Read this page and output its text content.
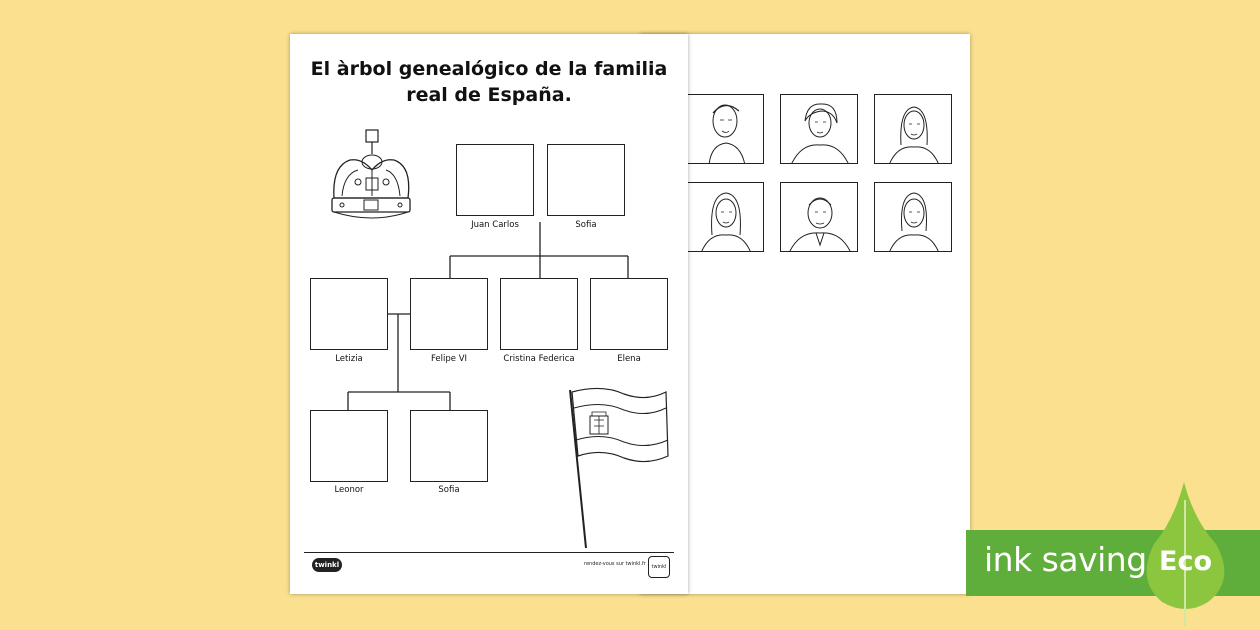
El àrbol genealógico de la familia
real de España.
Juan Carlos	Sofia
Letizia	Felipe VI	Cristina Federica	Elena
Leonor	Sofia
twinkl	rendez-vous sur twinkl.fr	twinkl	ink saving Eco
